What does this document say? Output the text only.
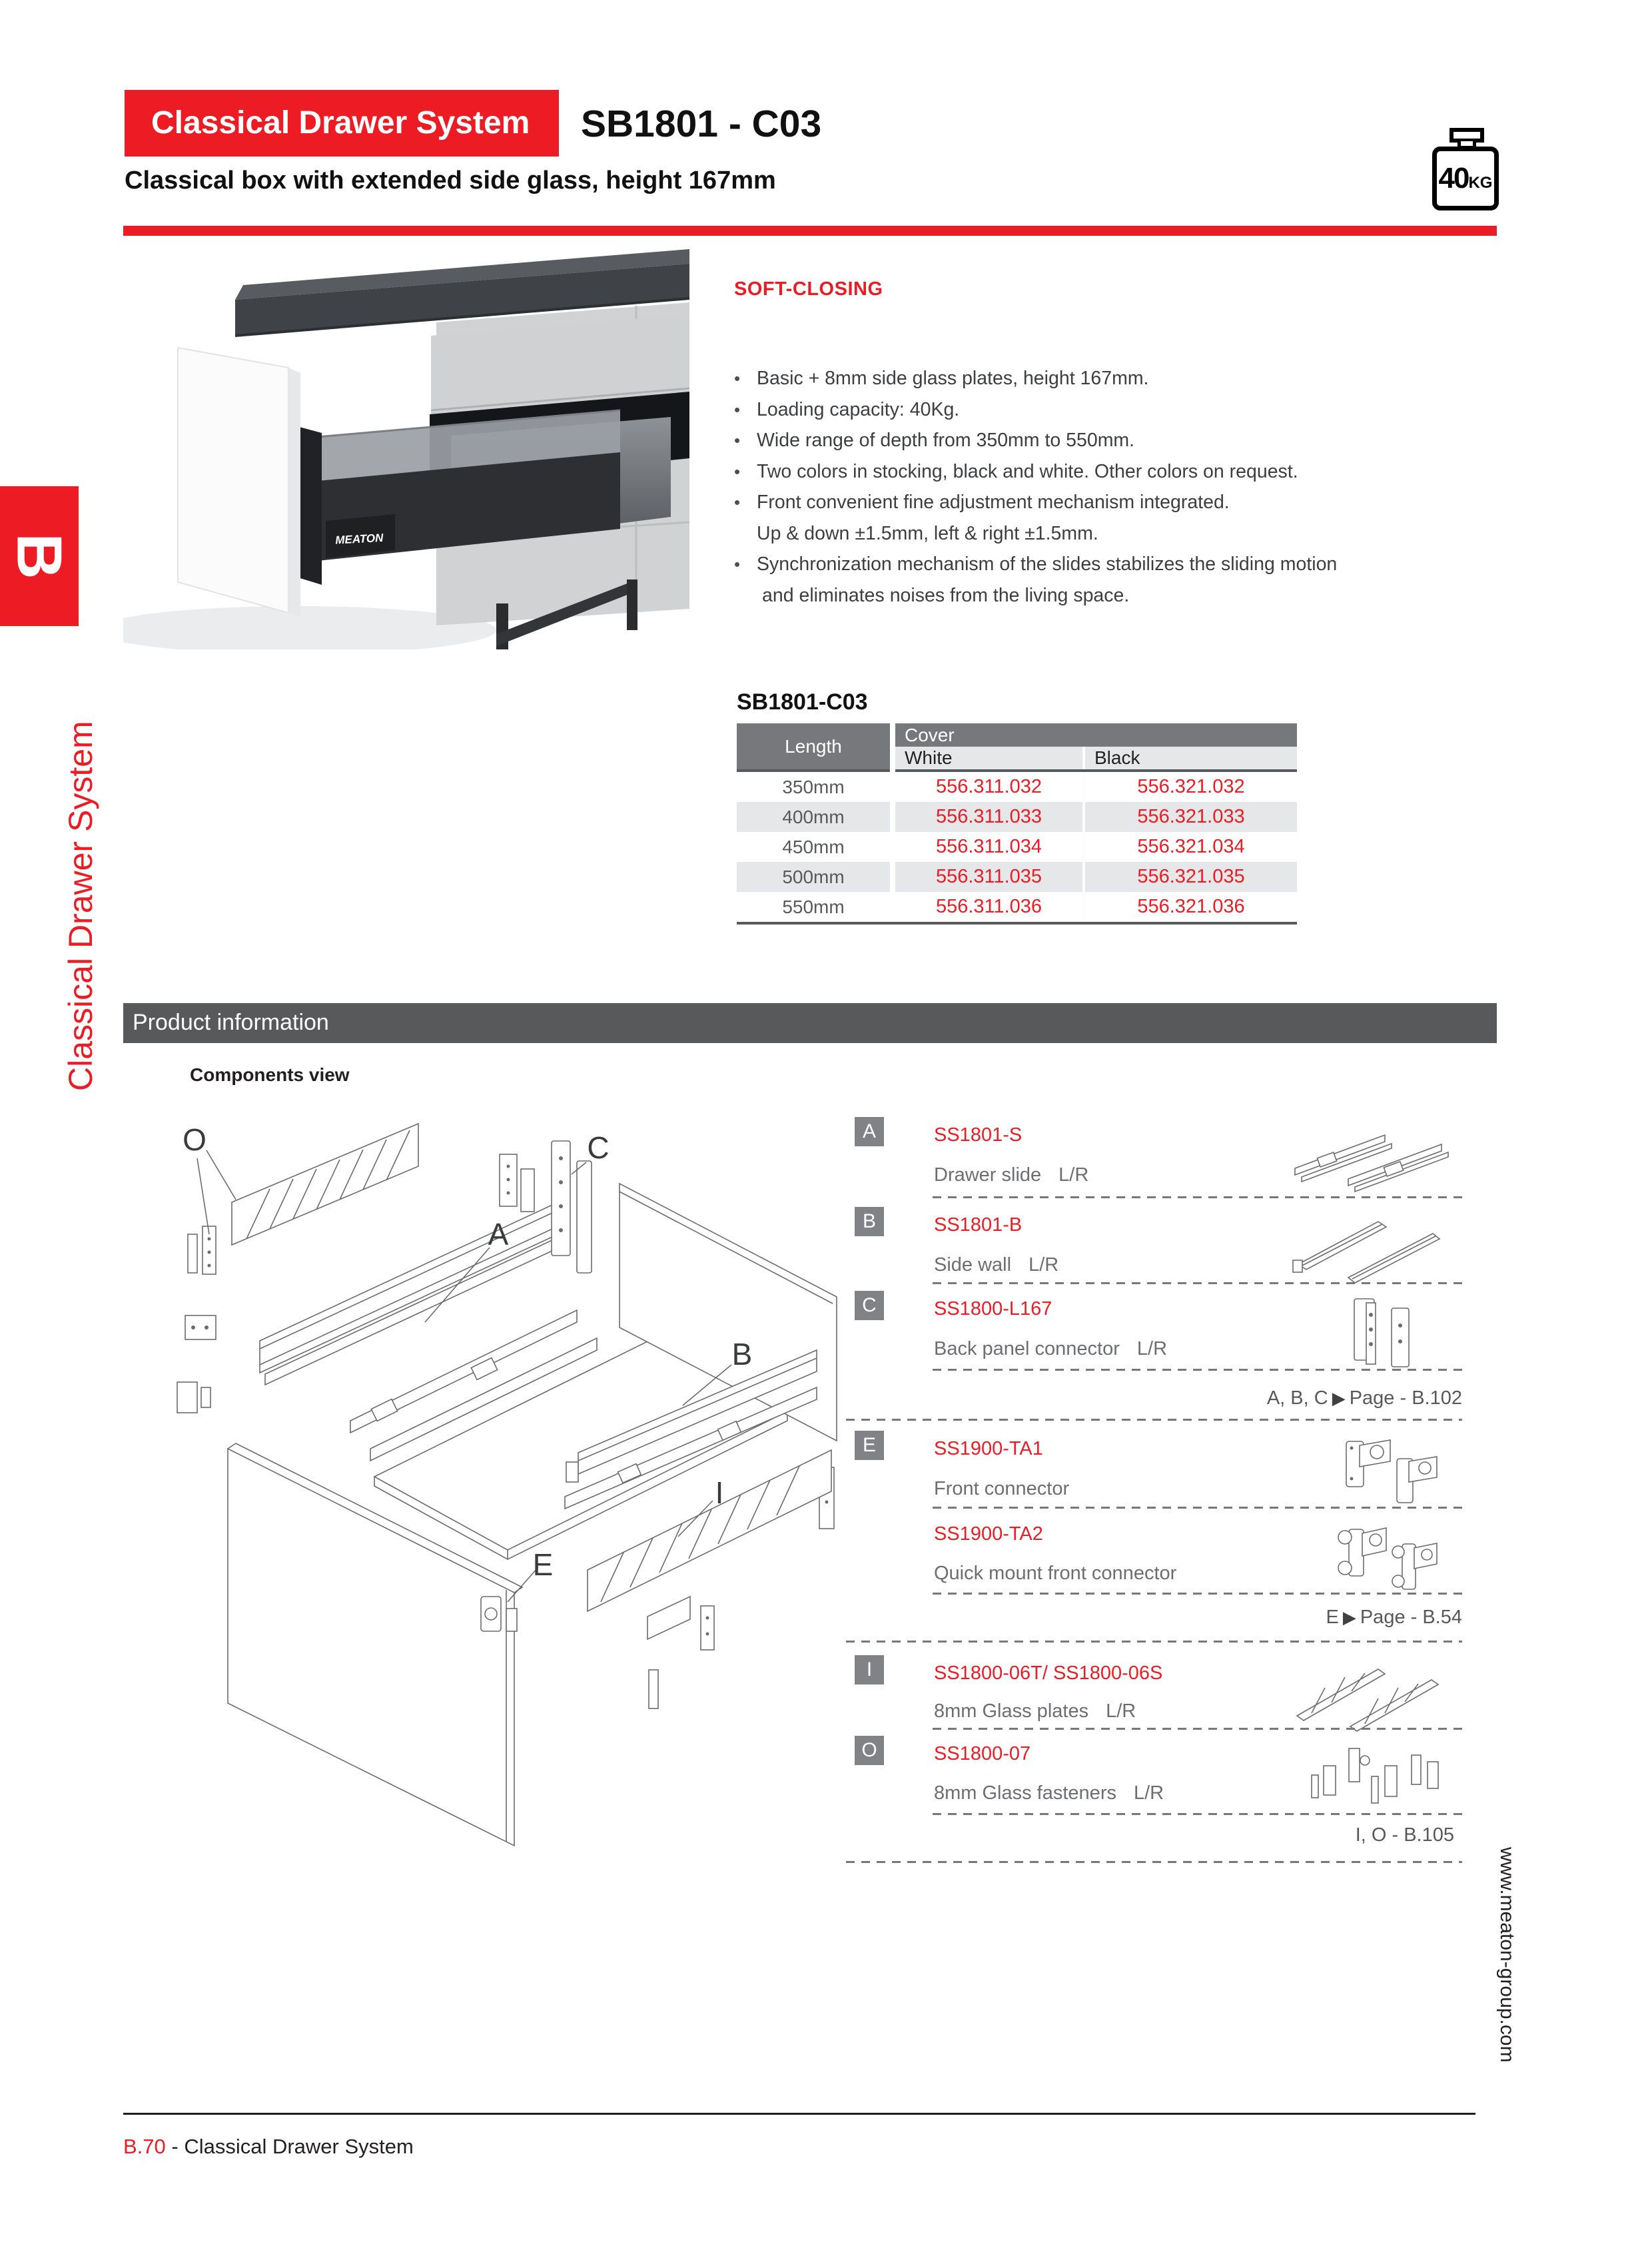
B
Classical Drawer System
Classical Drawer System	SB1801 - C03
Classical box with extended side glass, height 167mm	40 KG
MEATON
SOFT-CLOSING
• Basic + 8mm side glass plates, height 167mm.
• Loading capacity: 40Kg.
• Wide range of depth from 350mm to 550mm.
• Two colors in stocking, black and white. Other colors on request.
• Front convenient fine adjustment mechanism integrated.
Up & down ±1.5mm, left & right ±1.5mm.
• Synchronization mechanism of the slides stabilizes the sliding motion
and eliminates noises from the living space.
SB1801-C03
Length
Cover
White	Black
350mm	556.311.032	556.321.032
400mm	556.311.033	556.321.033
450mm	556.311.034	556.321.034
500mm	556.311.035	556.321.035
550mm	556.311.036	556.321.036
Product information
Components view
O	C
A
B
E
I
A	SS1801-S
Drawer slide L/R
B	SS1801-B
Side wall L/R
C	SS1800-L167
Back panel connector L/R
A, B, C ▶ Page - B.102
E	SS1900-TA1
Front connector
SS1900-TA2
Quick mount front connector
E ▶ Page - B.54
I	SS1800-06T/ SS1800-06S
8mm Glass plates L/R
O	SS1800-07
8mm Glass fasteners L/R
I, O - B.105
B.70 - Classical Drawer System
www.meaton-group.com
